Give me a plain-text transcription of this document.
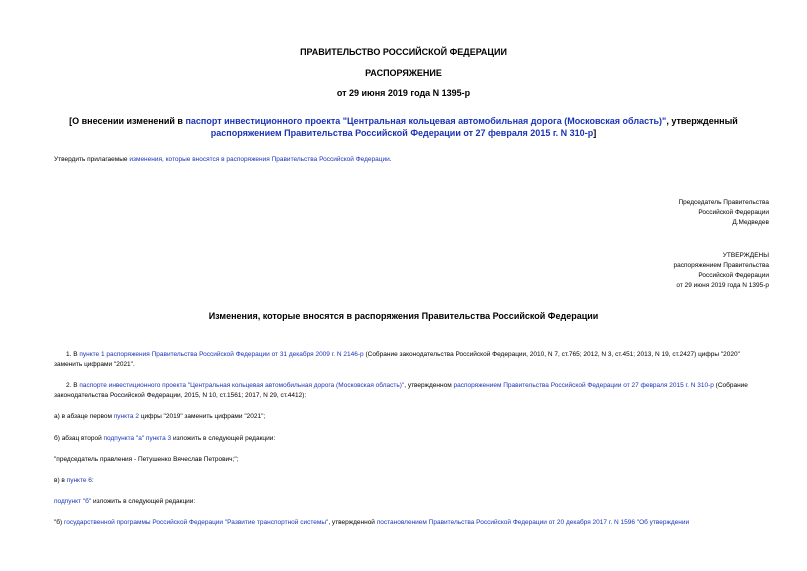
ПРАВИТЕЛЬСТВО РОССИЙСКОЙ ФЕДЕРАЦИИ
РАСПОРЯЖЕНИЕ
от 29 июня 2019 года N 1395-р
[О внесении изменений в паспорт инвестиционного проекта "Центральная кольцевая автомобильная дорога (Московская область)", утвержденный распоряжением Правительства Российской Федерации от 27 февраля 2015 г. N 310-р]
Утвердить прилагаемые изменения, которые вносятся в распоряжения Правительства Российской Федерации.
Председатель Правительства
Российской Федерации
Д.Медведев
УТВЕРЖДЕНЫ
распоряжением Правительства
Российской Федерации
от 29 июня 2019 года N 1395-р
Изменения, которые вносятся в распоряжения Правительства Российской Федерации
1. В пункте 1 распоряжения Правительства Российской Федерации от 31 декабря 2009 г. N 2146-р (Собрание законодательства Российской Федерации, 2010, N 7, ст.765; 2012, N 3, ст.451; 2013, N 19, ст.2427) цифры "2020" заменить цифрами "2021".
2. В паспорте инвестиционного проекта "Центральная кольцевая автомобильная дорога (Московская область)", утвержденном распоряжением Правительства Российской Федерации от 27 февраля 2015 г. N 310-р (Собрание законодательства Российской Федерации, 2015, N 10, ст.1561; 2017, N 29, ст.4412):
а) в абзаце первом пункта 2 цифры "2019" заменить цифрами "2021";
б) абзац второй подпункта "а" пункта 3 изложить в следующей редакции:
"председатель правления - Петушенко Вячеслав Петрович;";
в) в пункте 6:
подпункт "б" изложить в следующей редакции:
"б) государственной программы Российской Федерации "Развитие транспортной системы", утвержденной постановлением Правительства Российской Федерации от 20 декабря 2017 г. N 1596 "Об утверждении
